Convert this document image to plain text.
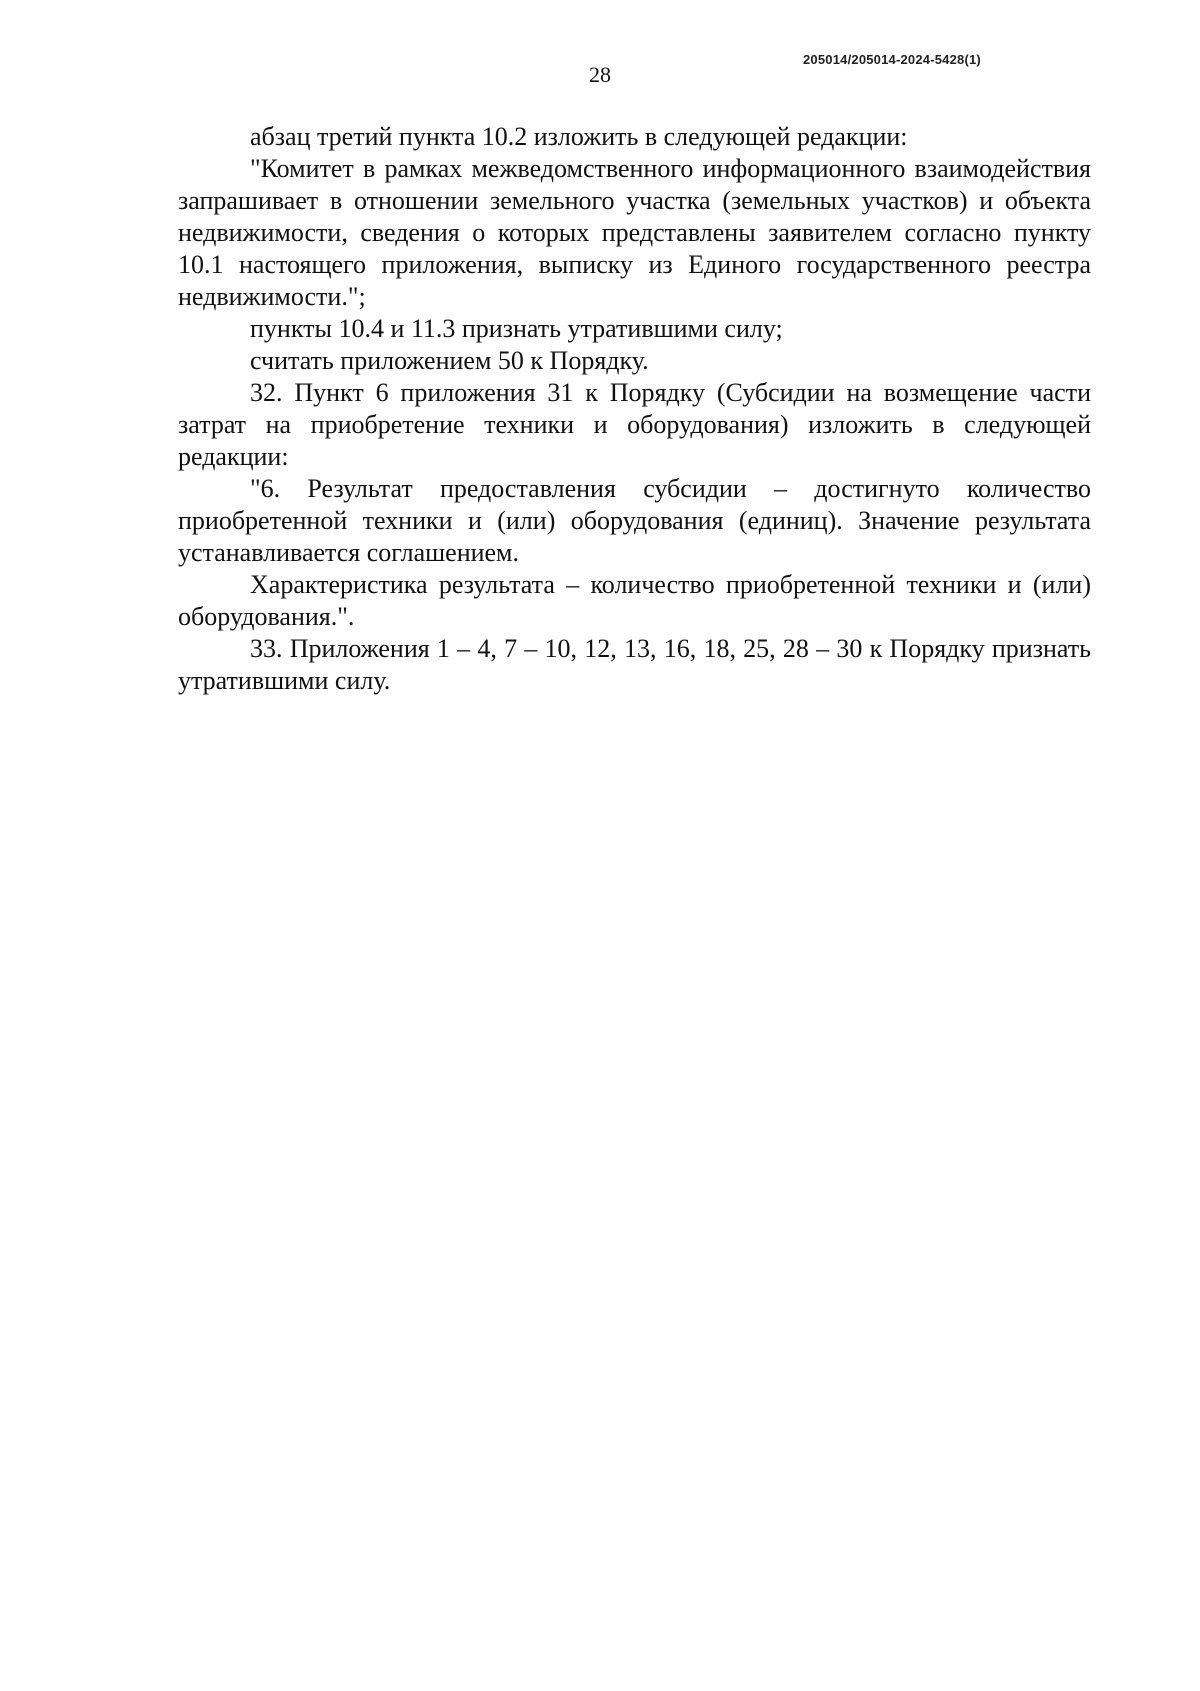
205014/205014-2024-5428(1)
28

абзац третий пункта 10.2 изложить в следующей редакции:

"Комитет в рамках межведомственного информационного взаимодействия запрашивает в отношении земельного участка (земельных участков) и объекта недвижимости, сведения о которых представлены заявителем согласно пункту 10.1 настоящего приложения, выписку из Единого государственного реестра недвижимости.";

пункты 10.4 и 11.3 признать утратившими силу;

считать приложением 50 к Порядку.

32. Пункт 6 приложения 31 к Порядку (Субсидии на возмещение части затрат на приобретение техники и оборудования) изложить в следующей редакции:

"6. Результат предоставления субсидии – достигнуто количество приобретенной техники и (или) оборудования (единиц). Значение результата устанавливается соглашением.

Характеристика результата – количество приобретенной техники и (или) оборудования.".

33. Приложения 1 – 4, 7 – 10, 12, 13, 16, 18, 25, 28 – 30 к Порядку признать утратившими силу.
